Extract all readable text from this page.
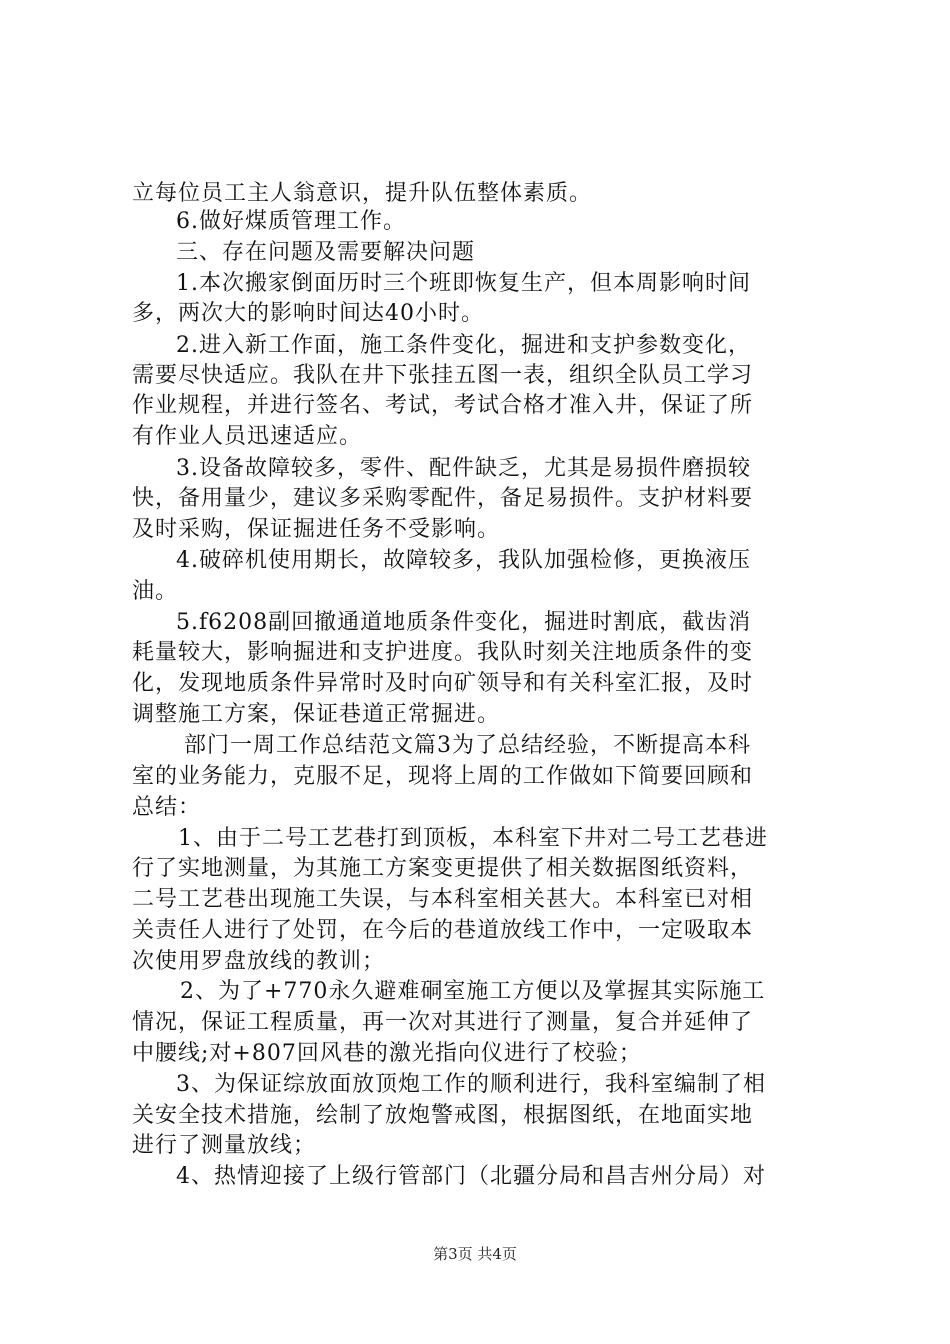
立每位员工主人翁意识，提升队伍整体素质。
6.做好煤质管理工作。
三、存在问题及需要解决问题
1.本次搬家倒面历时三个班即恢复生产，但本周影响时间
多，两次大的影响时间达40小时。
2.进入新工作面，施工条件变化，掘进和支护参数变化，
需要尽快适应。我队在井下张挂五图一表，组织全队员工学习
作业规程，并进行签名、考试，考试合格才准入井，保证了所
有作业人员迅速适应。
3.设备故障较多，零件、配件缺乏，尤其是易损件磨损较
快，备用量少，建议多采购零配件，备足易损件。支护材料要
及时采购，保证掘进任务不受影响。
4.破碎机使用期长，故障较多，我队加强检修，更换液压
油。
5.f6208副回撤通道地质条件变化，掘进时割底，截齿消
耗量较大，影响掘进和支护进度。我队时刻关注地质条件的变
化，发现地质条件异常时及时向矿领导和有关科室汇报，及时
调整施工方案，保证巷道正常掘进。
部门一周工作总结范文篇3为了总结经验，不断提高本科
室的业务能力，克服不足，现将上周的工作做如下简要回顾和
总结：
1、由于二号工艺巷打到顶板，本科室下井对二号工艺巷进
行了实地测量，为其施工方案变更提供了相关数据图纸资料，
二号工艺巷出现施工失误，与本科室相关甚大。本科室已对相
关责任人进行了处罚，在今后的巷道放线工作中，一定吸取本
次使用罗盘放线的教训；
2、为了+770永久避难硐室施工方便以及掌握其实际施工
情况，保证工程质量，再一次对其进行了测量，复合并延伸了
中腰线;对+807回风巷的激光指向仪进行了校验；
3、为保证综放面放顶炮工作的顺利进行，我科室编制了相
关安全技术措施，绘制了放炮警戒图，根据图纸，在地面实地
进行了测量放线；
4、热情迎接了上级行管部门（北疆分局和昌吉州分局）对
第3页 共4页
